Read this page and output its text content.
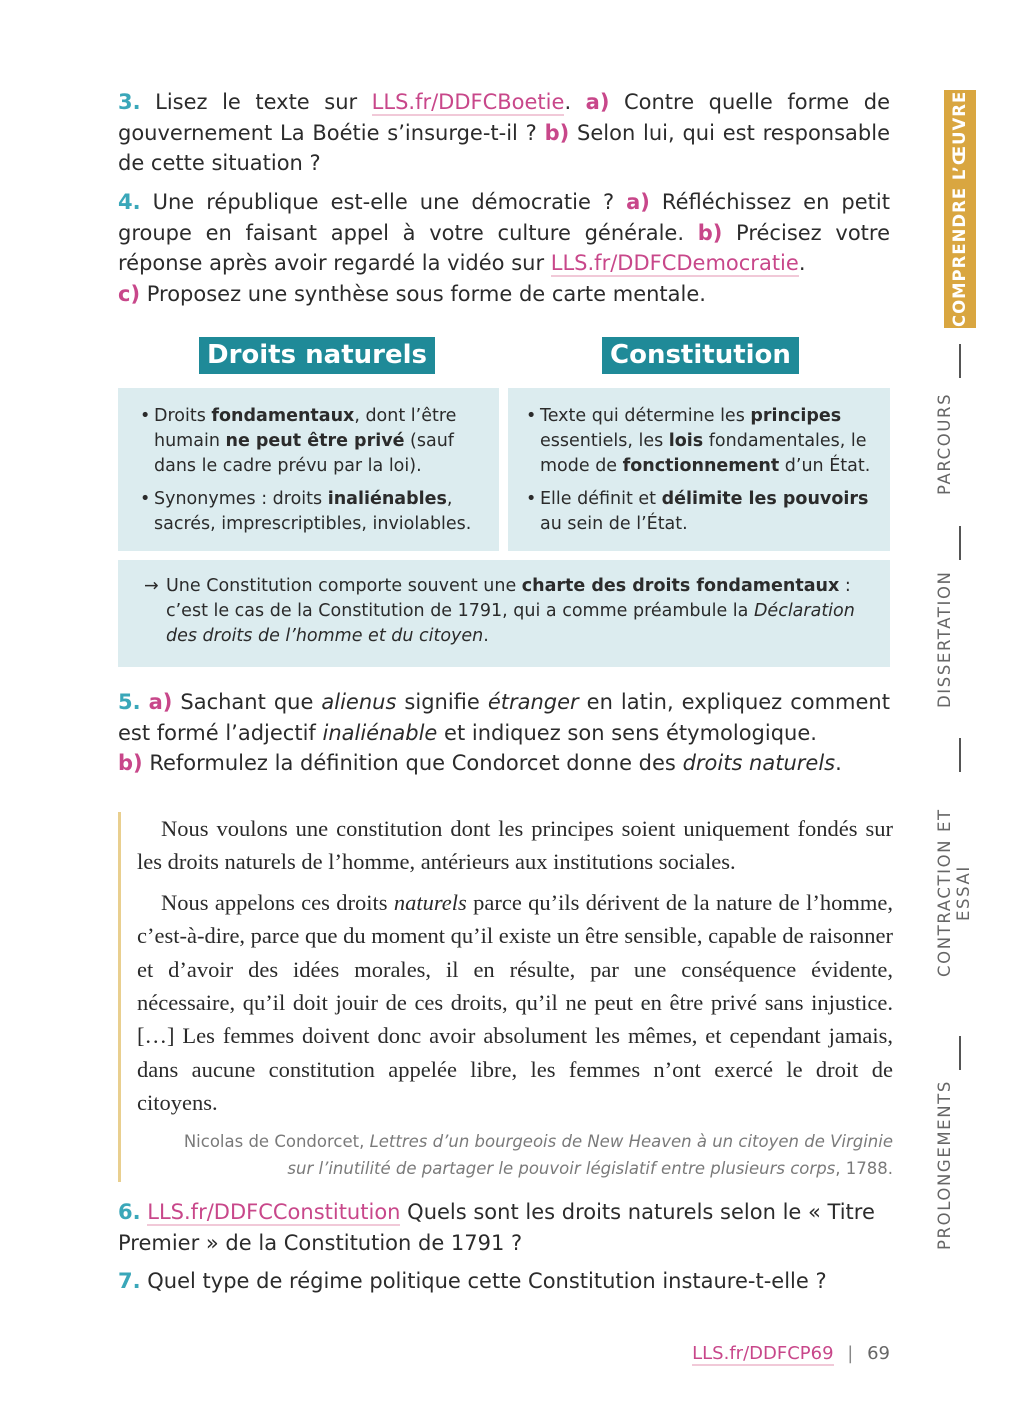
3. Lisez le texte sur LLS.fr/DDFCBoetie. a) Contre quelle forme de gouvernement La Boétie s’insurge-t-il ? b) Selon lui, qui est responsable de cette situation ?
4. Une république est-elle une démocratie ? a) Réfléchissez en petit groupe en faisant appel à votre culture générale. b) Précisez votre réponse après avoir regardé la vidéo sur LLS.fr/DDFCDemocratie.
c) Proposez une synthèse sous forme de carte mentale.
Droits naturels	Constitution
• Droits fondamentaux, dont l’être humain ne peut être privé (sauf dans le cadre prévu par la loi).
• Synonymes : droits inaliénables, sacrés, imprescriptibles, inviolables.
• Texte qui détermine les principes essentiels, les lois fondamentales, le mode de fonctionnement d’un État.
• Elle définit et délimite les pouvoirs au sein de l’État.
→ Une Constitution comporte souvent une charte des droits fondamentaux : c’est le cas de la Constitution de 1791, qui a comme préambule la Déclaration des droits de l’homme et du citoyen.
5. a) Sachant que alienus signifie étranger en latin, expliquez comment est formé l’adjectif inaliénable et indiquez son sens étymologique.
b) Reformulez la définition que Condorcet donne des droits naturels.

Nous voulons une constitution dont les principes soient uniquement fondés sur les droits naturels de l’homme, antérieurs aux institutions sociales.

Nous appelons ces droits naturels parce qu’ils dérivent de la nature de l’homme, c’est-à-dire, parce que du moment qu’il existe un être sensible, capable de raisonner et d’avoir des idées morales, il en résulte, par une conséquence évidente, nécessaire, qu’il doit jouir de ces droits, qu’il ne peut en être privé sans injustice. […] Les femmes doivent donc avoir absolument les mêmes, et cependant jamais, dans aucune constitution appelée libre, les femmes n’ont exercé le droit de citoyens.

Nicolas de Condorcet, Lettres d’un bourgeois de New Heaven à un citoyen de Virginie
sur l’inutilité de partager le pouvoir législatif entre plusieurs corps, 1788.
6. LLS.fr/DDFCConstitution Quels sont les droits naturels selon le « Titre Premier » de la Constitution de 1791 ?
7. Quel type de régime politique cette Constitution instaure-t-elle ?
COMPRENDRE L’ŒUVRE
PARCOURS
DISSERTATION
CONTRACTION ET ESSAI
PROLONGEMENTS
LLS.fr/DDFCP69 | 69
